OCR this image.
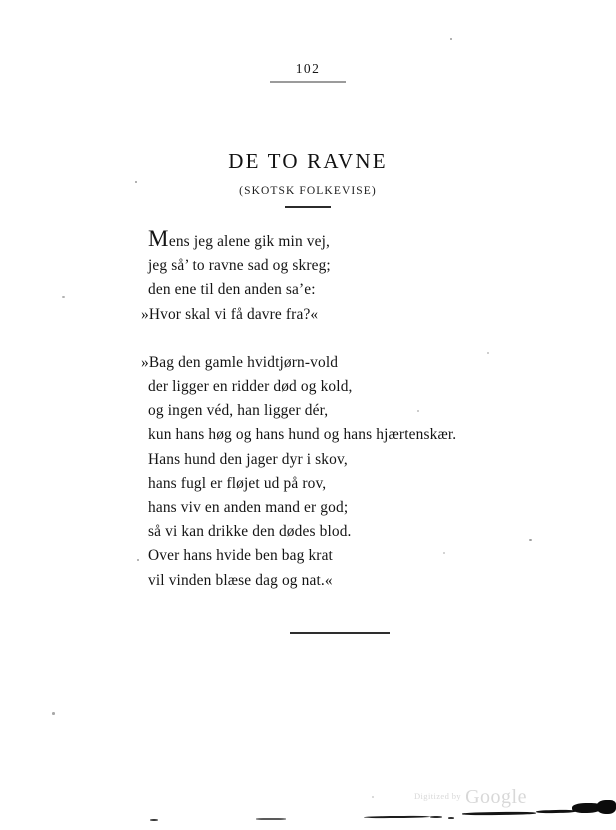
102
DE TO RAVNE
(SKOTSK FOLKEVISE)
Mens jeg alene gik min vej,
jeg så’ to ravne sad og skreg;
den ene til den anden sa’e:
»Hvor skal vi få davre fra?«
»Bag den gamle hvidtjørn-vold
der ligger en ridder død og kold,
og ingen véd, han ligger dér,
kun hans høg og hans hund og hans hjærtenskær.
Hans hund den jager dyr i skov,
hans fugl er fløjet ud på rov,
hans viv en anden mand er god;
så vi kan drikke den dødes blod.
Over hans hvide ben bag krat
vil vinden blæse dag og nat.«
$^{Digitized by}$ Google
